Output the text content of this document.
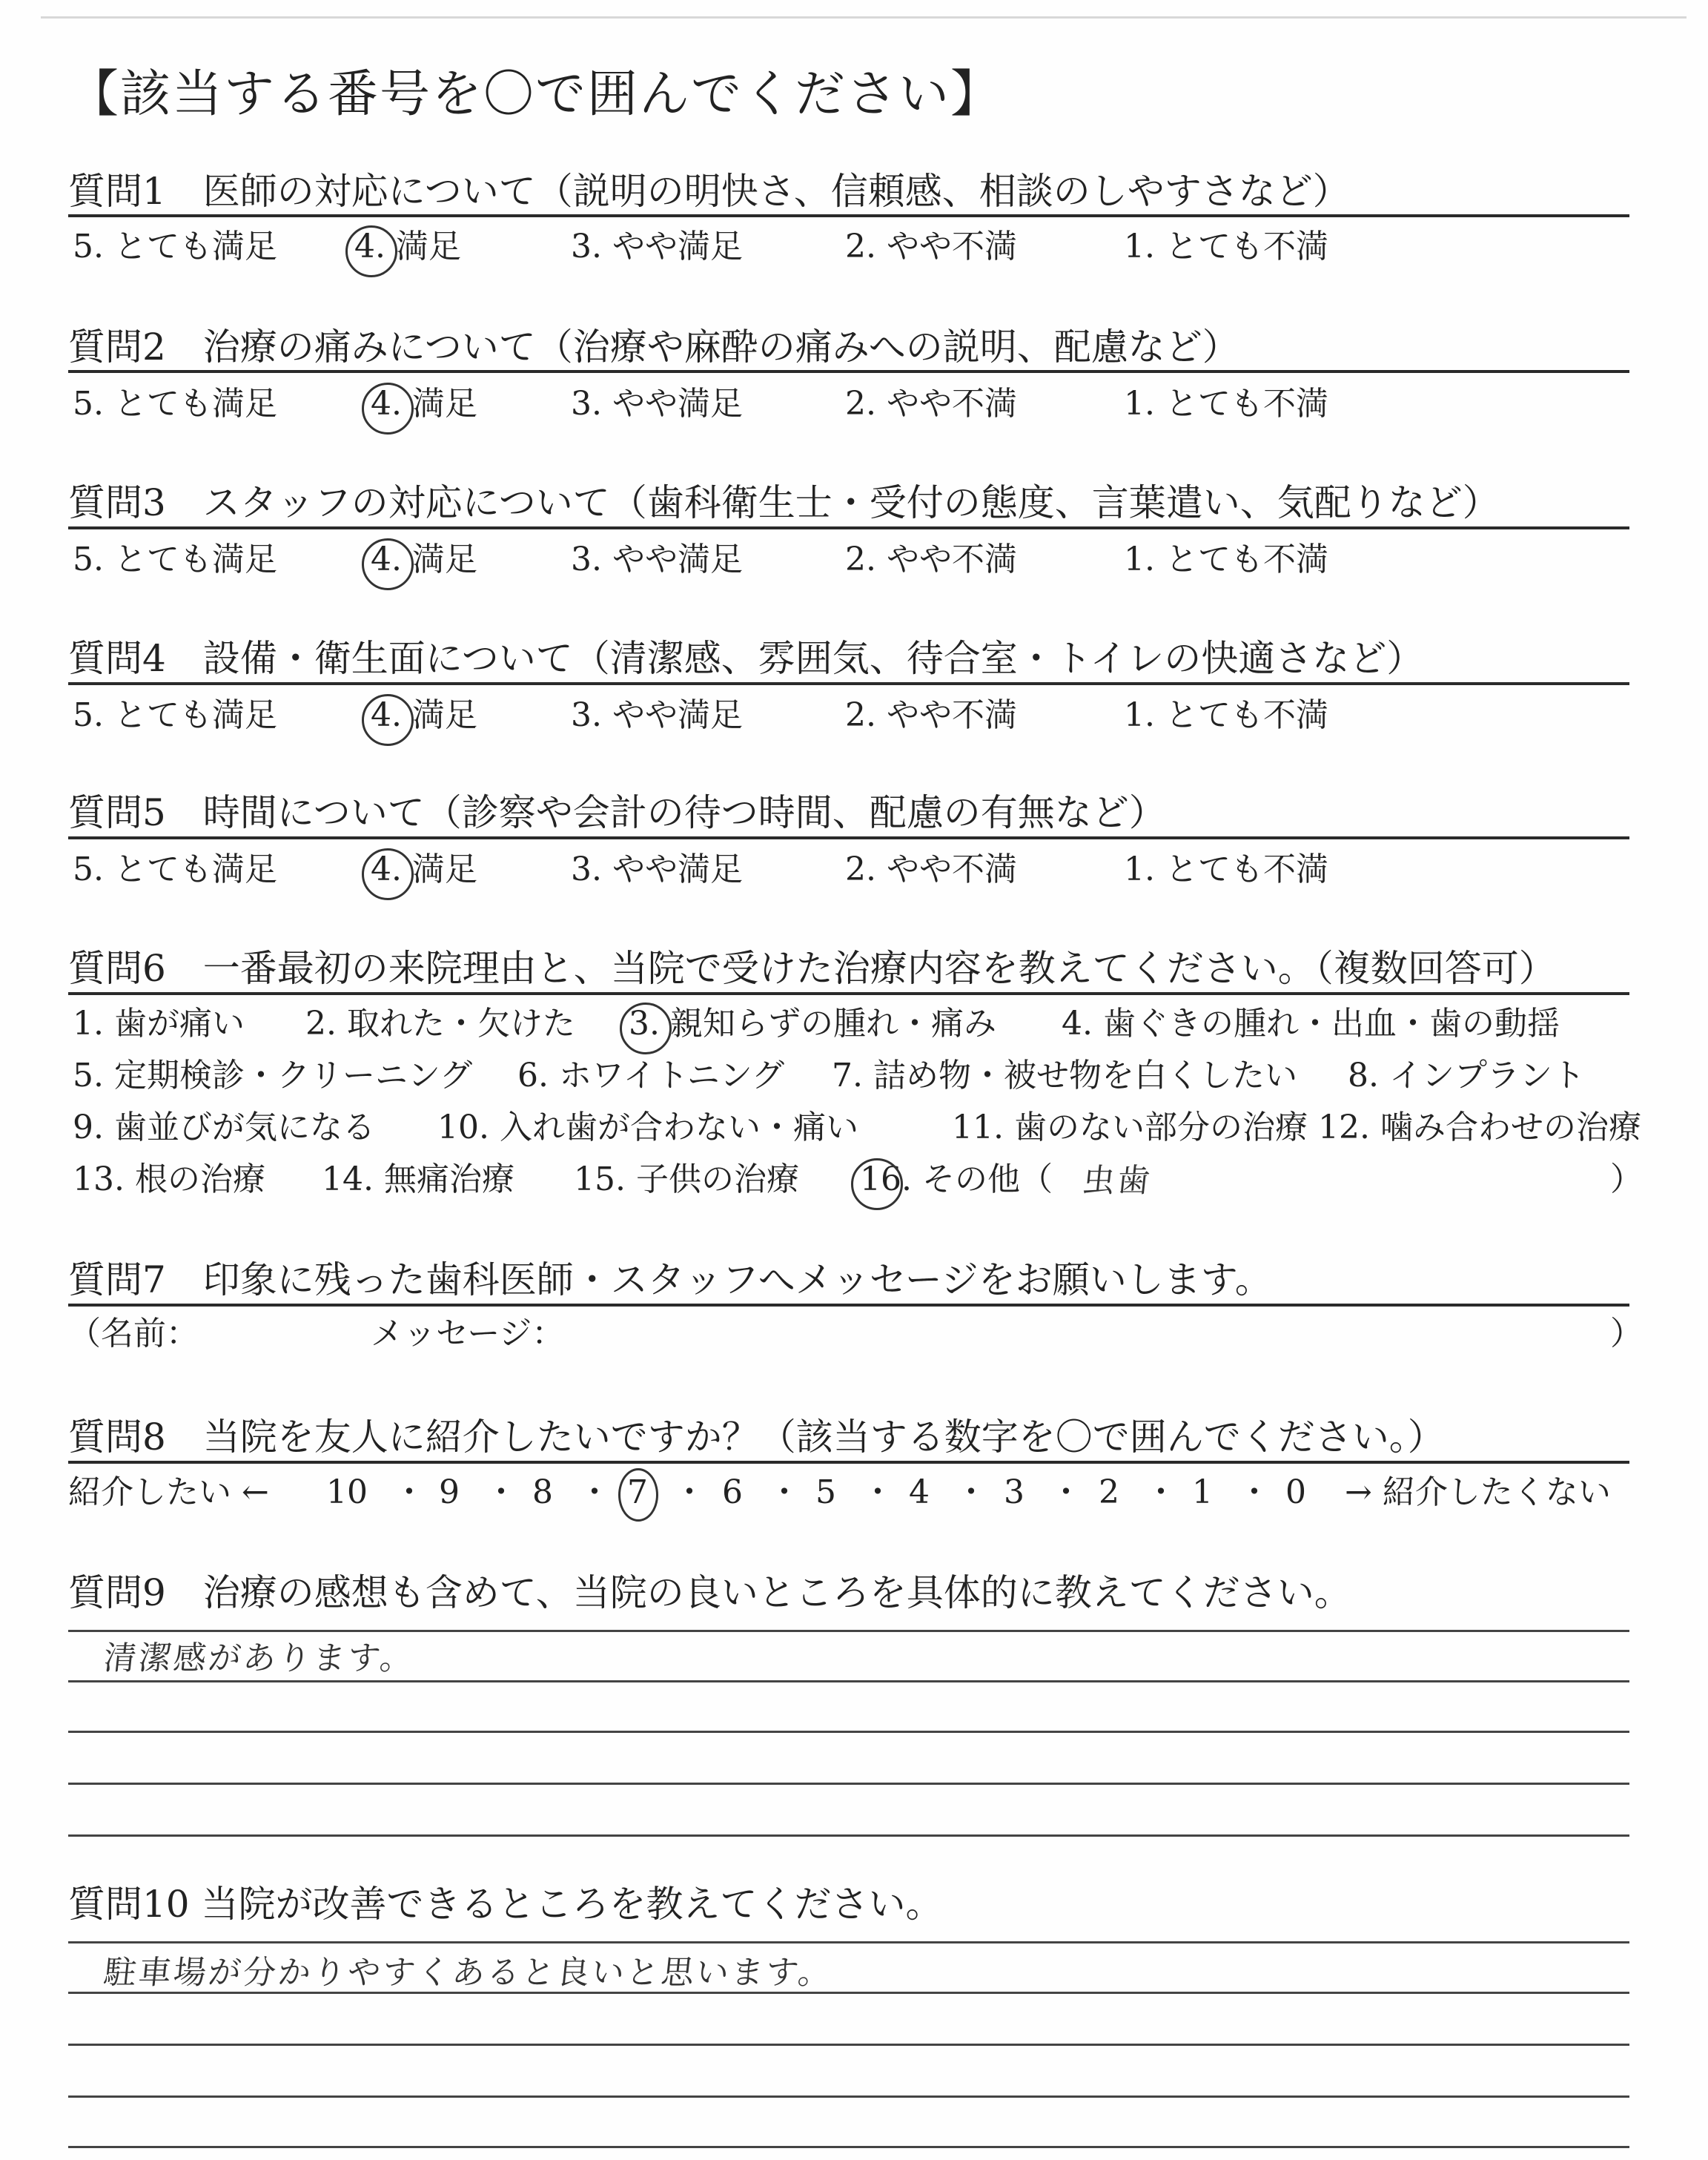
【該当する番号を〇で囲んでください】
質問1　医師の対応について（説明の明快さ、信頼感、相談のしやすさなど）
5. とても満足 4. 満足	3. やや満足	2. やや不満	1. とても不満
質問2　治療の痛みについて（治療や麻酔の痛みへの説明、配慮など）
5. とても満足	4. 満足	3. やや満足	2. やや不満	1. とても不満
質問3　スタッフの対応について（歯科衛生士・受付の態度、言葉遣い、気配りなど）
5. とても満足	4. 満足	3. やや満足	2. やや不満	1. とても不満
質問4　設備・衛生面について（清潔感、雰囲気、待合室・トイレの快適さなど）
5. とても満足	4. 満足	3. やや満足	2. やや不満	1. とても不満
質問5　時間について（診察や会計の待つ時間、配慮の有無など）
5. とても満足	4. 満足	3. やや満足	2. やや不満	1. とても不満
質問6　一番最初の来院理由と、当院で受けた治療内容を教えてください。（複数回答可）
1. 歯が痛い 2. 取れた・欠けた 3. 親知らずの腫れ・痛み 4. 歯ぐきの腫れ・出血・歯の動揺
5. 定期検診・クリーニング 6. ホワイトニング 7. 詰め物・被せ物を白くしたい 8. インプラント
9. 歯並びが気になる 10. 入れ歯が合わない・痛い	11. 歯のない部分の治療 12. 噛み合わせの治療
13. 根の治療 14. 無痛治療 15. 子供の治療 16. その他（ 虫歯	）
質問7　印象に残った歯科医師・スタッフへメッセージをお願いします。
（名前：	メッセージ：	）
質問8　当院を友人に紹介したいですか？（該当する数字を〇で囲んでください。）
紹介したい ← 10 ・ 9 ・ 8 ・ 7 ・ 6 ・ 5 ・ 4 ・ 3 ・ 2 ・ 1 ・ 0 → 紹介したくない
質問9　治療の感想も含めて、当院の良いところを具体的に教えてください。
清潔感があります。
質問10 当院が改善できるところを教えてください。
駐車場が分かりやすくあると良いと思います。
